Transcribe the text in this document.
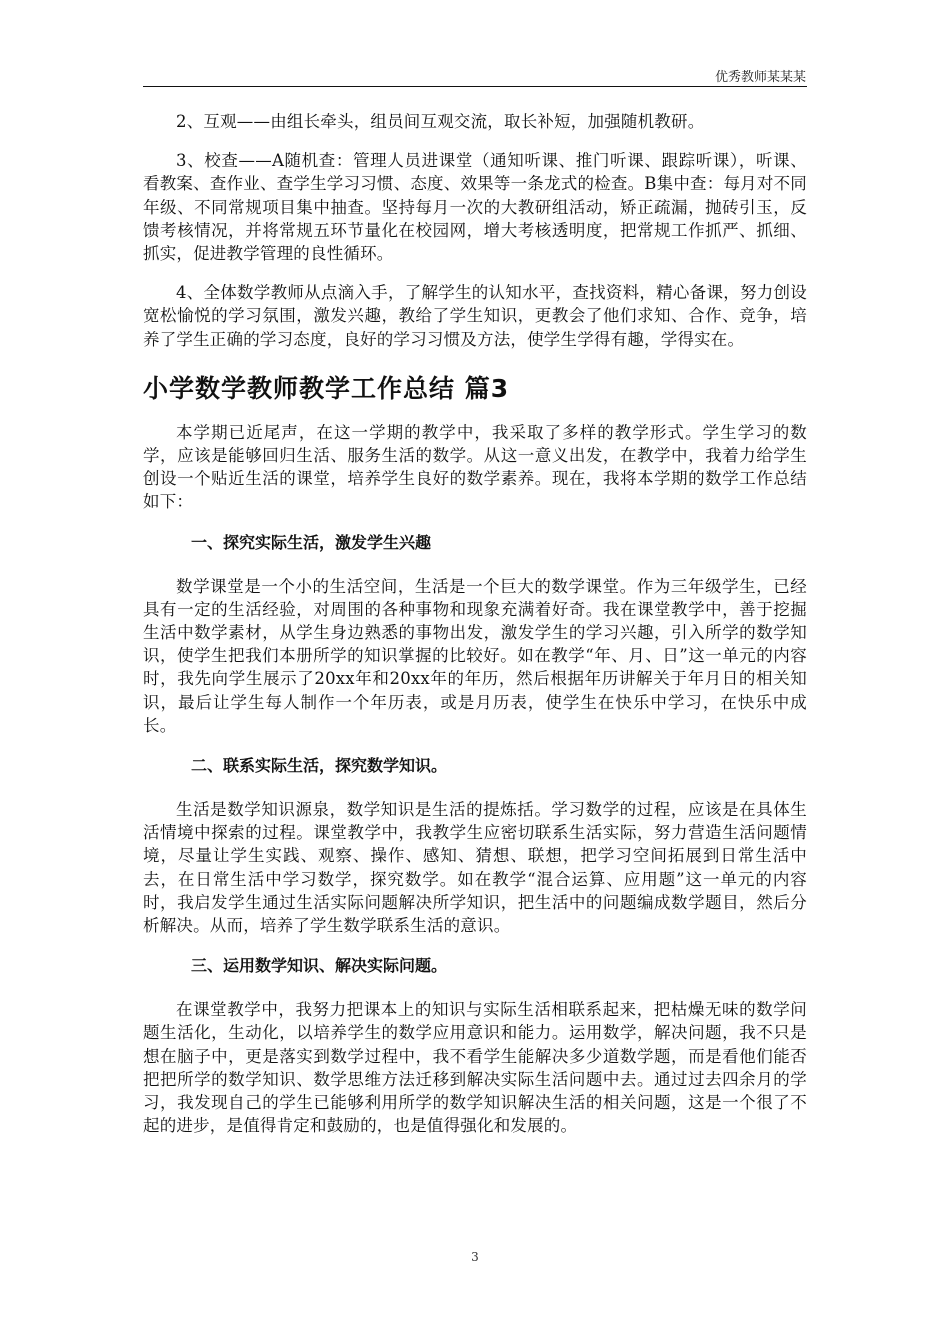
优秀教师某某某

2、互观——由组长牵头，组员间互观交流，取长补短，加强随机教研。

3、校查——A随机查：管理人员进课堂（通知听课、推门听课、跟踪听课），听课、看教案、查作业、查学生学习习惯、态度、效果等一条龙式的检查。B集中查：每月对不同年级、不同常规项目集中抽查。坚持每月一次的大教研组活动，矫正疏漏，抛砖引玉，反馈考核情况，并将常规五环节量化在校园网，增大考核透明度，把常规工作抓严、抓细、抓实，促进教学管理的良性循环。

4、全体数学教师从点滴入手，了解学生的认知水平，查找资料，精心备课，努力创设宽松愉悦的学习氛围，激发兴趣，教给了学生知识，更教会了他们求知、合作、竞争，培养了学生正确的学习态度，良好的学习习惯及方法，使学生学得有趣，学得实在。

小学数学教师教学工作总结 篇3

本学期已近尾声，在这一学期的教学中，我采取了多样的教学形式。学生学习的数学，应该是能够回归生活、服务生活的数学。从这一意义出发，在教学中，我着力给学生创设一个贴近生活的课堂，培养学生良好的数学素养。现在，我将本学期的数学工作总结如下：

一、探究实际生活，激发学生兴趣

数学课堂是一个小的生活空间，生活是一个巨大的数学课堂。作为三年级学生，已经具有一定的生活经验，对周围的各种事物和现象充满着好奇。我在课堂教学中，善于挖掘生活中数学素材，从学生身边熟悉的事物出发，激发学生的学习兴趣，引入所学的数学知识，使学生把我们本册所学的知识掌握的比较好。如在教学“年、月、日”这一单元的内容时，我先向学生展示了20xx年和20xx年的年历，然后根据年历讲解关于年月日的相关知识，最后让学生每人制作一个年历表，或是月历表，使学生在快乐中学习，在快乐中成长。

二、联系实际生活，探究数学知识。

生活是数学知识源泉，数学知识是生活的提炼括。学习数学的过程，应该是在具体生活情境中探索的过程。课堂教学中，我教学生应密切联系生活实际，努力营造生活问题情境，尽量让学生实践、观察、操作、感知、猜想、联想，把学习空间拓展到日常生活中去，在日常生活中学习数学，探究数学。如在教学“混合运算、应用题”这一单元的内容时，我启发学生通过生活实际问题解决所学知识，把生活中的问题编成数学题目，然后分析解决。从而，培养了学生数学联系生活的意识。

三、运用数学知识、解决实际问题。

在课堂教学中，我努力把课本上的知识与实际生活相联系起来，把枯燥无味的数学问题生活化，生动化，以培养学生的数学应用意识和能力。运用数学，解决问题，我不只是想在脑子中，更是落实到数学过程中，我不看学生能解决多少道数学题，而是看他们能否把把所学的数学知识、数学思维方法迁移到解决实际生活问题中去。通过过去四余月的学习，我发现自己的学生已能够利用所学的数学知识解决生活的相关问题，这是一个很了不起的进步，是值得肯定和鼓励的，也是值得强化和发展的。

3
